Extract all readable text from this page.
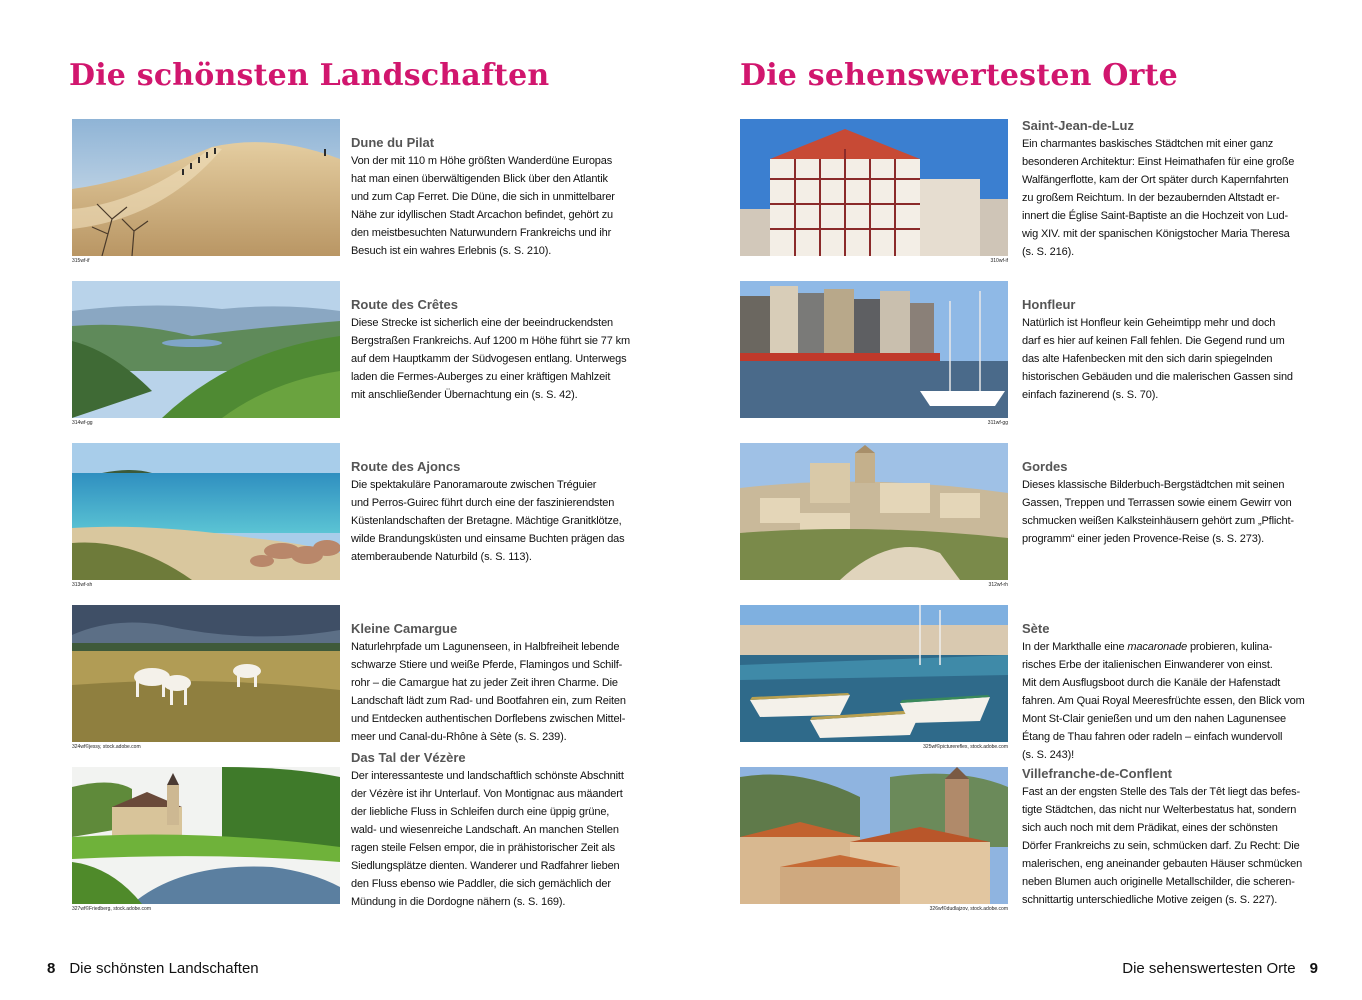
Die schönsten Landschaften
315wf-if
Dune du Pilat
Von der mit 110 m Höhe größten Wanderdüne Europas
hat man einen überwältigenden Blick über den Atlantik
und zum Cap Ferret. Die Düne, die sich in unmittelbarer
Nähe zur idyllischen Stadt Arcachon befindet, gehört zu
den meistbesuchten Naturwundern Frankreichs und ihr
Besuch ist ein wahres Erlebnis (s. S. 210).
314wf-gg
Route des Crêtes
Diese Strecke ist sicherlich eine der beeindruckendsten
Bergstraßen Frankreichs. Auf 1200 m Höhe führt sie 77 km
auf dem Hauptkamm der Südvogesen entlang. Unterwegs
laden die Fermes-Auberges zu einer kräftigen Mahlzeit
mit anschließender Übernachtung ein (s. S. 42).
313wf-sh
Route des Ajoncs
Die spektakuläre Panoramaroute zwischen Tréguier
und Perros-Guirec führt durch eine der faszinierendsten
Küstenlandschaften der Bretagne. Mächtige Granitklötze,
wilde Brandungsküsten und einsame Buchten prägen das
atemberaubende Naturbild (s. S. 113).
324wf©jessy, stock.adobe.com
Kleine Camargue
Naturlehrpfade um Lagunenseen, in Halbfreiheit lebende
schwarze Stiere und weiße Pferde, Flamingos und Schilf-
rohr – die Camargue hat zu jeder Zeit ihren Charme. Die
Landschaft lädt zum Rad- und Bootfahren ein, zum Reiten
und Entdecken authentischen Dorflebens zwischen Mittel-
meer und Canal-du-Rhône à Sète (s. S. 239).
327wf©Friedberg, stock.adobe.com
Das Tal der Vézère
Der interessanteste und landschaftlich schönste Abschnitt
der Vézère ist ihr Unterlauf. Von Montignac aus mäandert
der liebliche Fluss in Schleifen durch eine üppig grüne,
wald- und wiesenreiche Landschaft. An manchen Stellen
ragen steile Felsen empor, die in prähistorischer Zeit als
Siedlungsplätze dienten. Wanderer und Radfahrer lieben
den Fluss ebenso wie Paddler, die sich gemächlich der
Mündung in die Dordogne nähern (s. S. 169).
8 Die schönsten Landschaften
Die sehenswertesten Orte
310wf-if
Saint-Jean-de-Luz
Ein charmantes baskisches Städtchen mit einer ganz
besonderen Architektur: Einst Heimathafen für eine große
Walfängerflotte, kam der Ort später durch Kapernfahrten
zu großem Reichtum. In der bezaubernden Altstadt er-
innert die Église Saint-Baptiste an die Hochzeit von Lud-
wig XIV. mit der spanischen Königstocher Maria Theresa
(s. S. 216).
311wf-gg
Honfleur
Natürlich ist Honfleur kein Geheimtipp mehr und doch
darf es hier auf keinen Fall fehlen. Die Gegend rund um
das alte Hafenbecken mit den sich darin spiegelnden
historischen Gebäuden und die malerischen Gassen sind
einfach fazinerend (s. S. 70).
312wf-rh
Gordes
Dieses klassische Bilderbuch-Bergstädtchen mit seinen
Gassen, Treppen und Terrassen sowie einem Gewirr von
schmucken weißen Kalksteinhäusern gehört zum „Pflicht-
programm“ einer jeden Provence-Reise (s. S. 273).
325wf©picturereflex, stock.adobe.com
Sète
In der Markthalle eine macaronade probieren, kulina-
risches Erbe der italienischen Einwanderer von einst.
Mit dem Ausflugsboot durch die Kanäle der Hafenstadt
fahren. Am Quai Royal Meeresfrüchte essen, den Blick vom
Mont St-Clair genießen und um den nahen Lagunensee
Étang de Thau fahren oder radeln – einfach wundervoll
(s. S. 243)!
326wf©dudlajzov, stock.adobe.com
Villefranche-de-Conflent
Fast an der engsten Stelle des Tals der Têt liegt das befes-
tigte Städtchen, das nicht nur Welterbestatus hat, sondern
sich auch noch mit dem Prädikat, eines der schönsten
Dörfer Frankreichs zu sein, schmücken darf. Zu Recht: Die
malerischen, eng aneinander gebauten Häuser schmücken
neben Blumen auch originelle Metallschilder, die scheren-
schnittartig unterschiedliche Motive zeigen (s. S. 227).
Die sehenswertesten Orte 9
